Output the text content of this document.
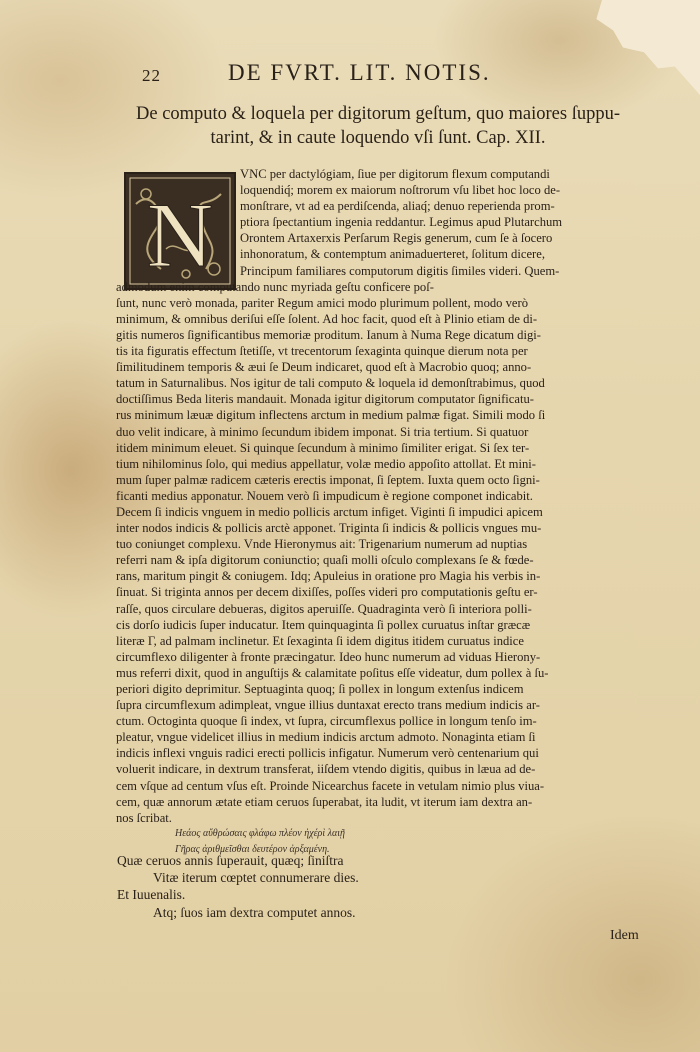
22	DE FVRT. LIT. NOTIS.
De computo & loquela per digitorum geſtum, quo maiores ſuppu-
tarint, & in caute loquendo vſi ſunt. Cap. XII.
N
VNC per dactylógiam, ſiue per digitorum flexum computandi
loquendiq́; morem ex maiorum noſtrorum vſu libet hoc loco de-
monſtrare, vt ad ea perdiſcenda, aliaq́; denuo reperienda prom-
ptiora ſpectantium ingenia reddantur. Legimus apud Plutarchum
Orontem Artaxerxis Perſarum Regis generum, cum ſe à ſocero
inhonoratum, & contemptum animaduerteret, ſolitum dicere,
Principum familiares computorum digitis ſimiles videri. Quem-
admodum enim computando nunc myriada geſtu conficere poſ-
ſunt, nunc verò monada, pariter Regum amici modo plurimum pollent, modo verò
minimum, & omnibus deriſui eſſe ſolent. Ad hoc facit, quod eſt à Plinio etiam de di-
gitis numeros ſignificantibus memoriæ proditum. Ianum à Numa Rege dicatum digi-
tis ita figuratis effectum ſtetiſſe, vt trecentorum ſexaginta quinque dierum nota per
ſimilitudinem temporis & æui ſe Deum indicaret, quod eſt à Macrobio quoq; anno-
tatum in Saturnalibus. Nos igitur de tali computo & loquela id demonſtrabimus, quod
doctiſſimus Beda literis mandauit. Monada igitur digitorum computator ſignificatu-
rus minimum læuæ digitum inflectens arctum in medium palmæ figat. Simili modo ſi
duo velit indicare, à minimo ſecundum ibidem imponat. Si tria tertium. Si quatuor
itidem minimum eleuet. Si quinque ſecundum à minimo ſimiliter erigat. Si ſex ter-
tium nihilominus ſolo, qui medius appellatur, volæ medio appoſito attollat. Et mini-
mum ſuper palmæ radicem cæteris erectis imponat, ſi ſeptem. Iuxta quem octo ſigni-
ficanti medius apponatur. Nouem verò ſi impudicum è regione componet indicabit.
Decem ſi indicis vnguem in medio pollicis arctum infiget. Viginti ſi impudici apicem
inter nodos indicis & pollicis arctè apponet. Triginta ſi indicis & pollicis vngues mu-
tuo coniunget complexu. Vnde Hieronymus ait: Trigenarium numerum ad nuptias
referri nam & ipſa digitorum coniunctio; quaſi molli oſculo complexans ſe & fœde-
rans, maritum pingit & coniugem. Idq; Apuleius in oratione pro Magia his verbis in-
ſinuat. Si triginta annos per decem dixiſſes, poſſes videri pro computationis geſtu er-
raſſe, quos circulare debueras, digitos aperuiſſe. Quadraginta verò ſi interiora polli-
cis dorſo iudicis ſuper inducatur. Item quinquaginta ſi pollex curuatus inſtar græcæ
literæ Γ, ad palmam inclinetur. Et ſexaginta ſi idem digitus itidem curuatus indice
circumflexo diligenter à fronte præcingatur. Ideo hunc numerum ad viduas Hierony-
mus referri dixit, quod in anguſtijs & calamitate poſitus eſſe videatur, dum pollex à ſu-
periori digito deprimitur. Septuaginta quoq; ſi pollex in longum extenſus indicem
ſupra circumflexum adimpleat, vngue illius duntaxat erecto trans medium indicis ar-
ctum. Octoginta quoque ſi index, vt ſupra, circumflexus pollice in longum tenſo im-
pleatur, vngue videlicet illius in medium indicis arctum admoto. Nonaginta etiam ſi
indicis inflexi vnguis radici erecti pollicis infigatur. Numerum verò centenarium qui
voluerit indicare, in dextrum transferat, iiſdem vtendo digitis, quibus in læua ad de-
cem vſque ad centum vſus eſt. Proinde Nicearchus facete in vetulam nimio plus viua-
cem, quæ annorum ætate etiam ceruos ſuperabat, ita ludit, vt iterum iam dextra an-
nos ſcribat.
Ηεάος αὔθρώσαις φλάφω πλέον ἠχέρὶ λαιῇ
Γῆρας ἀριθμεῖσθαι δευτέρον ἀρξαμένη.
Quæ ceruos annis ſuperauit, quæq; ſiniſtra
Vitæ iterum cœptet connumerare dies.
Et Iuuenalis.
Atq; ſuos iam dextra computet annos.
Idem
